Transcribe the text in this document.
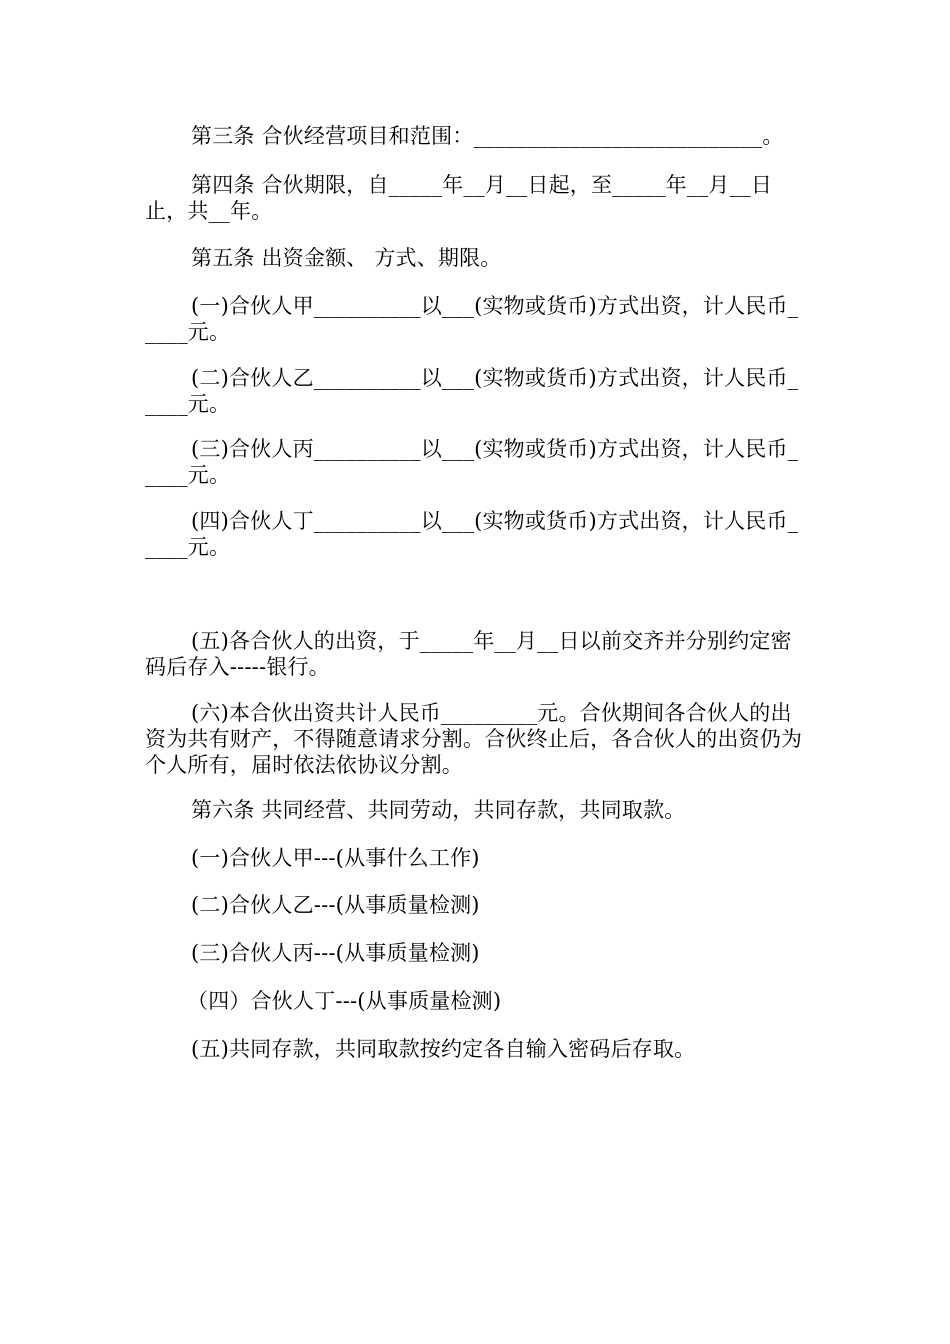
第三条 合伙经营项目和范围：___________________________。

第四条 合伙期限，自_____年__月__日起，至_____年__月__日止，共__年。

第五条 出资金额、 方式、期限。

(一)合伙人甲__________以___(实物或货币)方式出资，计人民币_____元。

(二)合伙人乙__________以___(实物或货币)方式出资，计人民币_____元。

(三)合伙人丙__________以___(实物或货币)方式出资，计人民币_____元。

(四)合伙人丁__________以___(实物或货币)方式出资，计人民币_____元。

(五)各合伙人的出资，于_____年__月__日以前交齐并分别约定密码后存入-----银行。

(六)本合伙出资共计人民币_________元。合伙期间各合伙人的出资为共有财产，不得随意请求分割。合伙终止后，各合伙人的出资仍为个人所有，届时依法依协议分割。

第六条 共同经营、共同劳动，共同存款，共同取款。

(一)合伙人甲---(从事什么工作)

(二)合伙人乙---(从事质量检测)

(三)合伙人丙---(从事质量检测)

（四）合伙人丁---(从事质量检测)

(五)共同存款，共同取款按约定各自输入密码后存取。
